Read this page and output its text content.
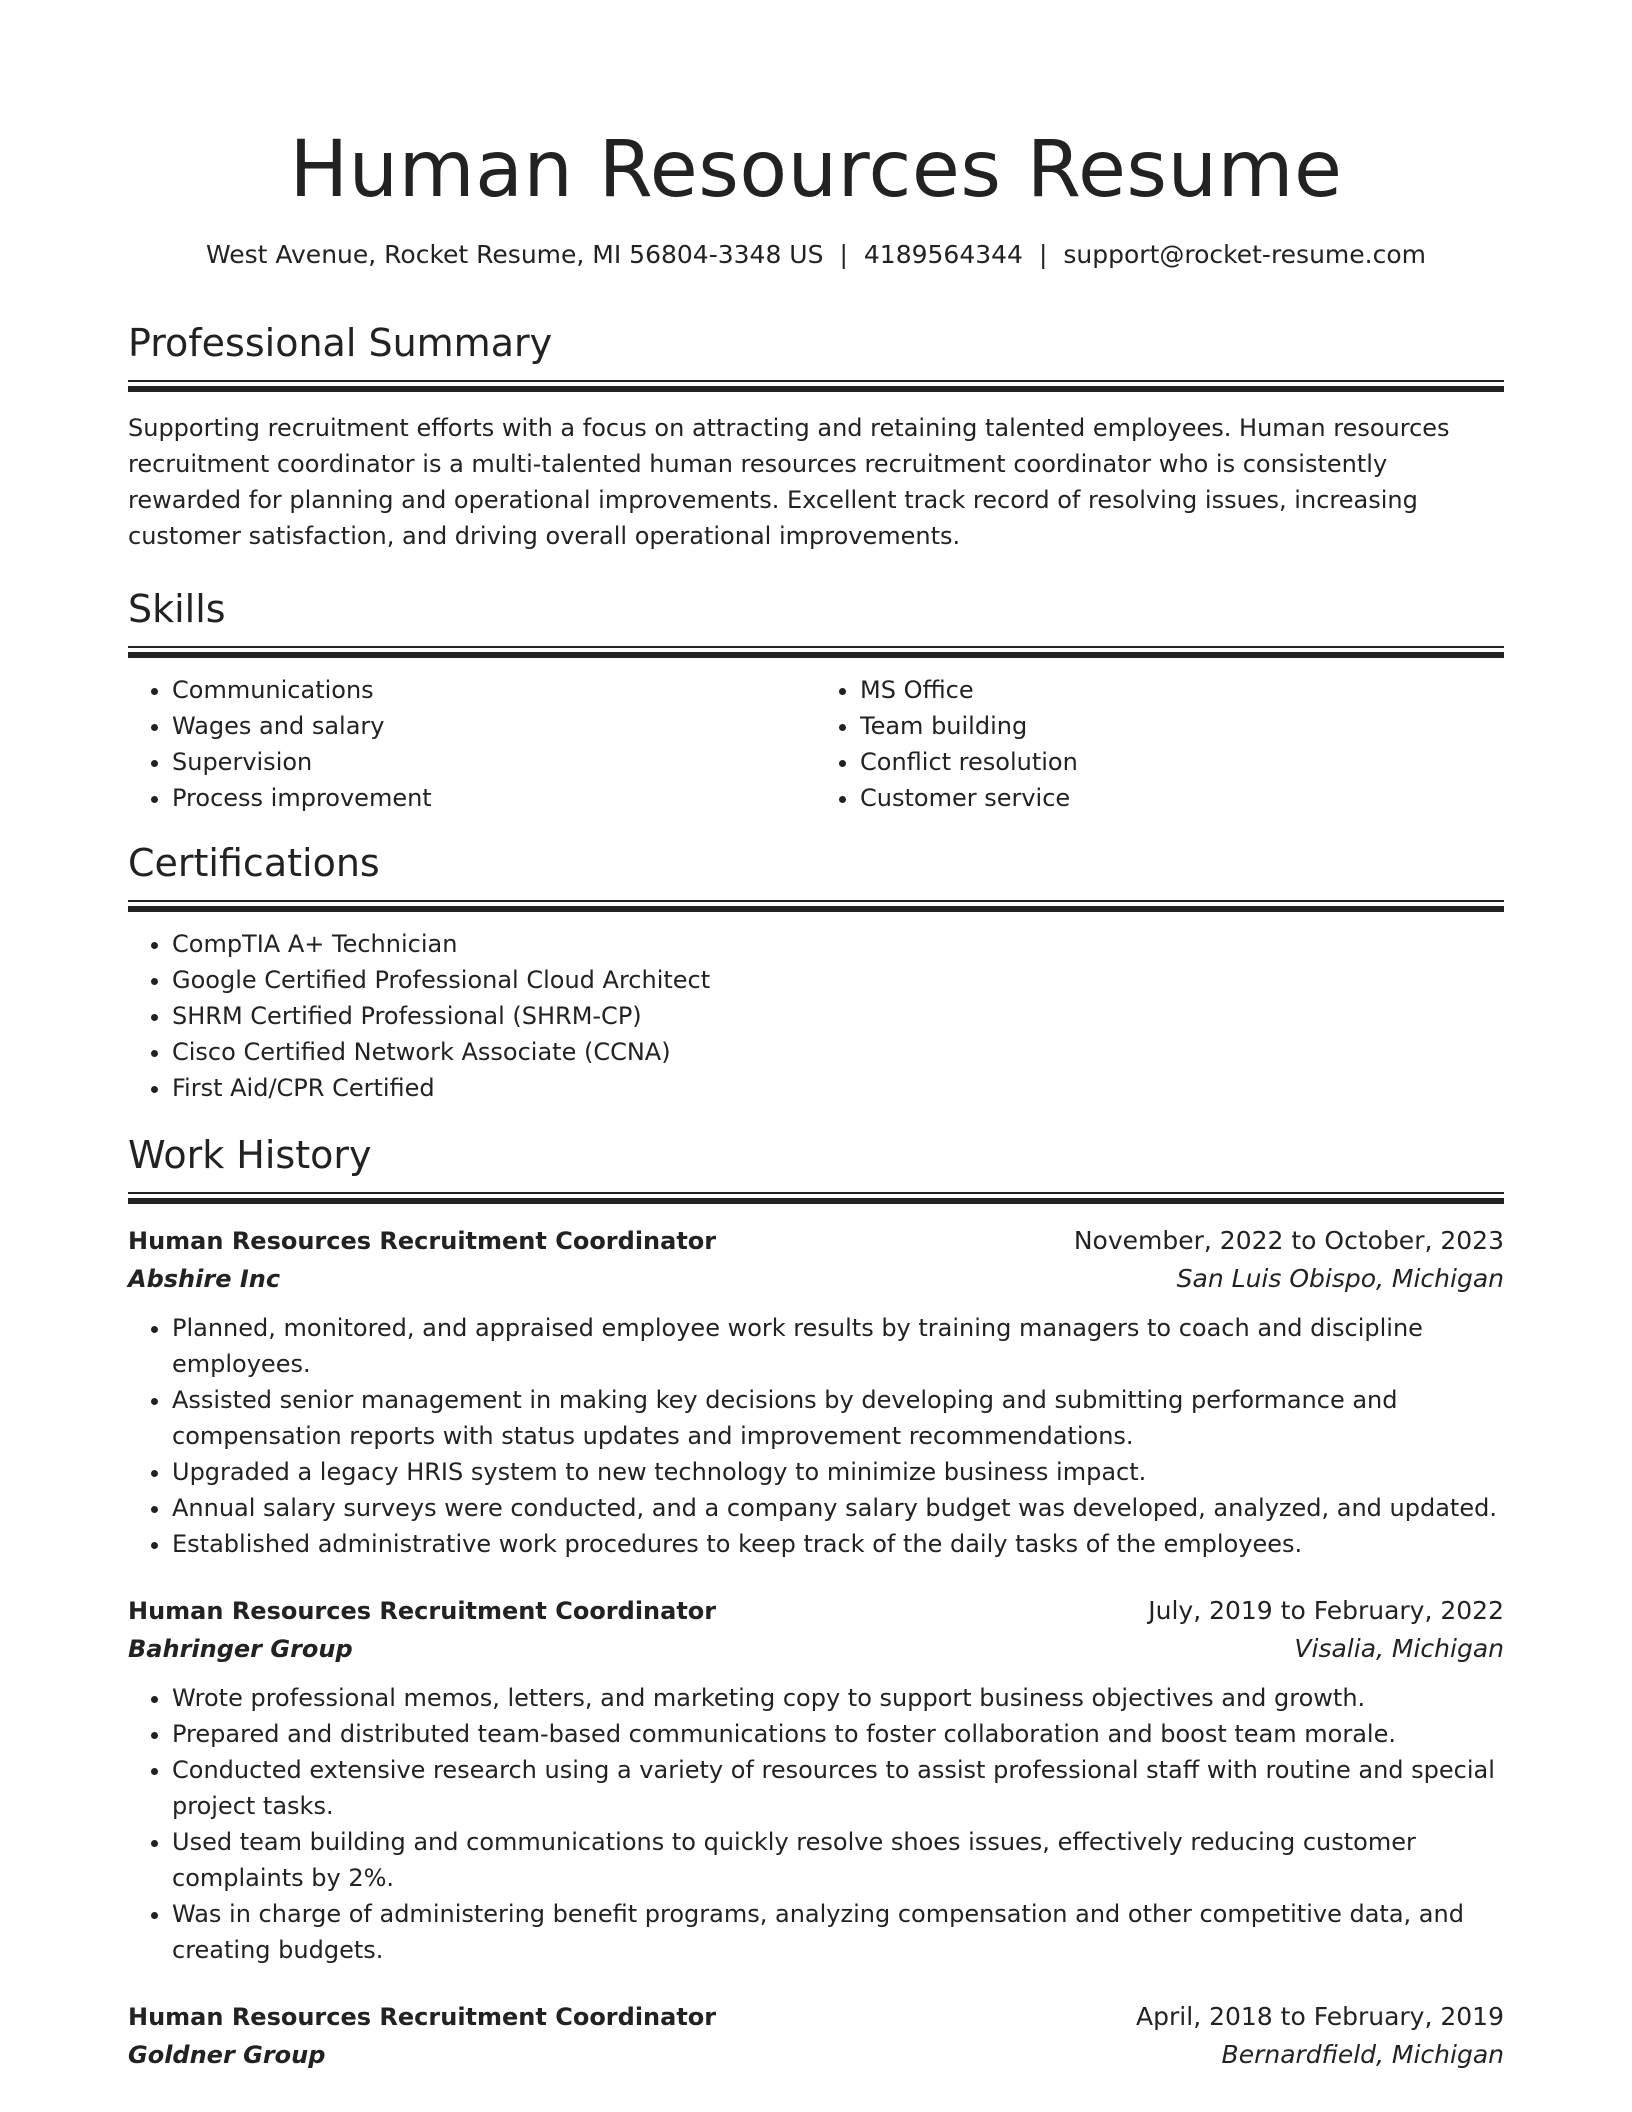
Human Resources Resume
West Avenue, Rocket Resume, MI 56804-3348 US | 4189564344 | support@rocket-resume.com
Professional Summary

Supporting recruitment efforts with a focus on attracting and retaining talented employees. Human resources recruitment coordinator is a multi-talented human resources recruitment coordinator who is consistently rewarded for planning and operational improvements. Excellent track record of resolving issues, increasing customer satisfaction, and driving overall operational improvements.

Skills
• Communications
• Wages and salary
• Supervision
• Process improvement
• MS Office
• Team building
• Conflict resolution
• Customer service
Certifications
• CompTIA A+ Technician
• Google Certified Professional Cloud Architect
• SHRM Certified Professional (SHRM-CP)
• Cisco Certified Network Associate (CCNA)
• First Aid/CPR Certified
Work History
Human Resources Recruitment Coordinator	November, 2022 to October, 2023
Abshire Inc	San Luis Obispo, Michigan
• Planned, monitored, and appraised employee work results by training managers to coach and discipline employees.
• Assisted senior management in making key decisions by developing and submitting performance and compensation reports with status updates and improvement recommendations.
• Upgraded a legacy HRIS system to new technology to minimize business impact.
• Annual salary surveys were conducted, and a company salary budget was developed, analyzed, and updated.
• Established administrative work procedures to keep track of the daily tasks of the employees.
Human Resources Recruitment Coordinator	July, 2019 to February, 2022
Bahringer Group	Visalia, Michigan
• Wrote professional memos, letters, and marketing copy to support business objectives and growth.
• Prepared and distributed team-based communications to foster collaboration and boost team morale.
• Conducted extensive research using a variety of resources to assist professional staff with routine and special project tasks.
• Used team building and communications to quickly resolve shoes issues, effectively reducing customer complaints by 2%.
• Was in charge of administering benefit programs, analyzing compensation and other competitive data, and creating budgets.
Human Resources Recruitment Coordinator	April, 2018 to February, 2019
Goldner Group	Bernardfield, Michigan
